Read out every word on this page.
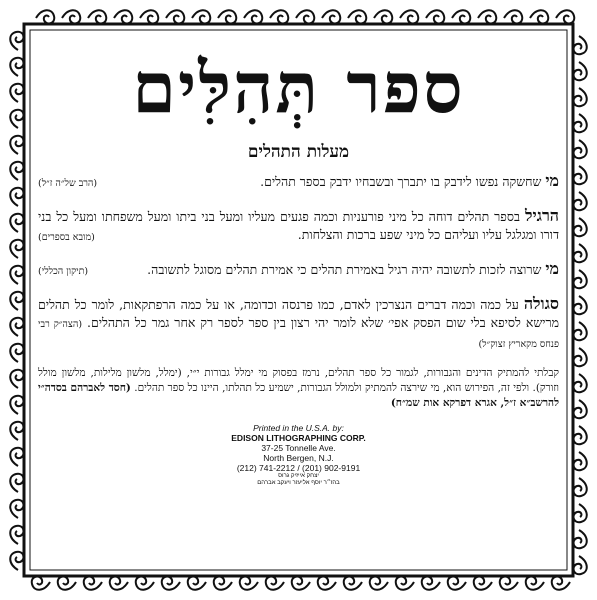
ספר תְּהִלִּים
מעלות התהלים

מי שחשקה נפשו לידבק בו יתברך ובשבחיו ידבק בספר תהלים.
(הרב של״ה ז״ל)

הרגיל בספר תהלים דוחה כל מיני פורעניות וכמה פגעים מעליו ומעל בני ביתו ומעל משפחתו ומעל כל בני דורו ומגלגל עליו ועליהם כל מיני שפע ברכות והצלחות.
(מובא בספרים)

מי שרוצה לזכות לתשובה יהיה רגיל באמירת תהלים כי אמירת תהלים מסוגל לתשובה.
(תיקון הכללי)

סגולה על כמה וכמה דברים הנצרכין לאדם, כמו פרנסה וכדומה, או על כמה הרפתקאות, לומר כל תהלים מרישא לסיפא בלי שום הפסק אפי׳ שלא לומר יהי רצון בין ספר לספר רק אחר גמר כל התהלים. (הצה״ק רבי פנחס מקאריץ זצוק״ל)

קבלתי להמתיק הדינים והגבורות, לגמור כל ספר תהלים, נרמז בפסוק מי ימלל גבורות י״י, (ימלל, מלשון מלילות, מלשון מולל וזורק). ולפי זה, הפירוש הוא, מי שירצה להמתיק ולמולל הגבורות, ישמיע כל תהלתו, היינו כל ספר תהלים. (חסד לאברהם בסדה״י להרשב״א ז״ל, אגרא דפרקא אות שמ״ח)

Printed in the U.S.A. by:
EDISON LITHOGRAPHING CORP.
37-25 Tonnelle Ave.
North Bergen, N.J.
(212) 741-2212 / (201) 902-9191
יצחק אייזיק גרוס
בהז״ר יוסף אליעזר ויעקב אברהם
